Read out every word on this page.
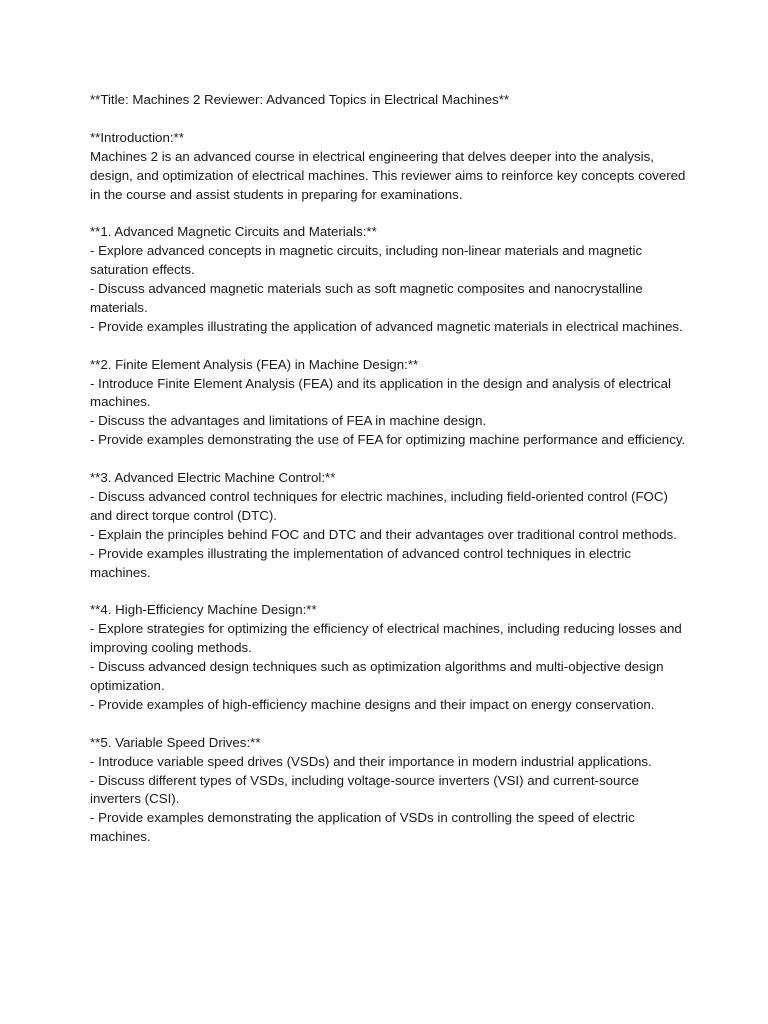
**Title: Machines 2 Reviewer: Advanced Topics in Electrical Machines**

**Introduction:**

Machines 2 is an advanced course in electrical engineering that delves deeper into the analysis, design, and optimization of electrical machines. This reviewer aims to reinforce key concepts covered in the course and assist students in preparing for examinations.

**1. Advanced Magnetic Circuits and Materials:**

- Explore advanced concepts in magnetic circuits, including non-linear materials and magnetic saturation effects.
- Discuss advanced magnetic materials such as soft magnetic composites and nanocrystalline materials.
- Provide examples illustrating the application of advanced magnetic materials in electrical machines.

**2. Finite Element Analysis (FEA) in Machine Design:**

- Introduce Finite Element Analysis (FEA) and its application in the design and analysis of electrical machines.
- Discuss the advantages and limitations of FEA in machine design.
- Provide examples demonstrating the use of FEA for optimizing machine performance and efficiency.

**3. Advanced Electric Machine Control:**

- Discuss advanced control techniques for electric machines, including field-oriented control (FOC) and direct torque control (DTC).
- Explain the principles behind FOC and DTC and their advantages over traditional control methods.
- Provide examples illustrating the implementation of advanced control techniques in electric machines.

**4. High-Efficiency Machine Design:**

- Explore strategies for optimizing the efficiency of electrical machines, including reducing losses and improving cooling methods.
- Discuss advanced design techniques such as optimization algorithms and multi-objective design optimization.
- Provide examples of high-efficiency machine designs and their impact on energy conservation.

**5. Variable Speed Drives:**

- Introduce variable speed drives (VSDs) and their importance in modern industrial applications.
- Discuss different types of VSDs, including voltage-source inverters (VSI) and current-source inverters (CSI).
- Provide examples demonstrating the application of VSDs in controlling the speed of electric machines.
